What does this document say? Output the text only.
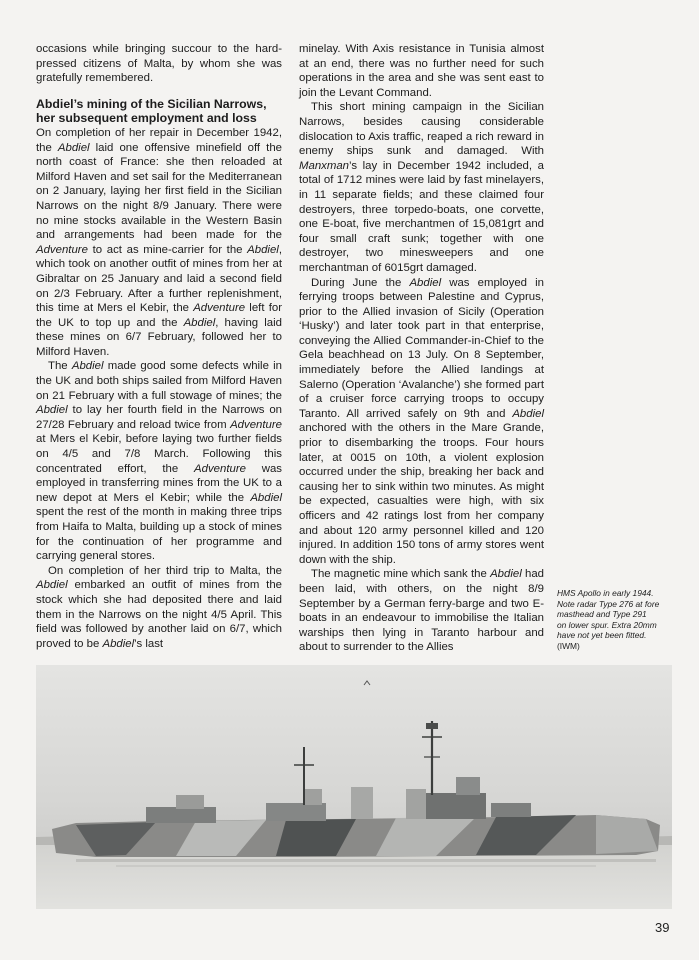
occasions while bringing succour to the hard-pressed citizens of Malta, by whom she was gratefully remembered.

Abdiel’s mining of the Sicilian Narrows, her subsequent employment and loss

On completion of her repair in December 1942, the Abdiel laid one offensive minefield off the north coast of France: she then reloaded at Milford Haven and set sail for the Mediterranean on 2 January, laying her first field in the Sicilian Narrows on the night 8/9 January. There were no mine stocks available in the Western Basin and arrangements had been made for the Adventure to act as mine-carrier for the Abdiel, which took on another outfit of mines from her at Gibraltar on 25 January and laid a second field on 2/3 February. After a further replenishment, this time at Mers el Kebir, the Adventure left for the UK to top up and the Abdiel, having laid these mines on 6/7 February, followed her to Milford Haven.

The Abdiel made good some defects while in the UK and both ships sailed from Milford Haven on 21 February with a full stowage of mines; the Abdiel to lay her fourth field in the Narrows on 27/28 February and reload twice from Adventure at Mers el Kebir, before laying two further fields on 4/5 and 7/8 March. Following this concentrated effort, the Adventure was employed in transferring mines from the UK to a new depot at Mers el Kebir; while the Abdiel spent the rest of the month in making three trips from Haifa to Malta, building up a stock of mines for the continuation of her programme and carrying general stores.

On completion of her third trip to Malta, the Abdiel embarked an outfit of mines from the stock which she had deposited there and laid them in the Narrows on the night 4/5 April. This field was followed by another laid on 6/7, which proved to be Abdiel’s last

minelay. With Axis resistance in Tunisia almost at an end, there was no further need for such operations in the area and she was sent east to join the Levant Command.

This short mining campaign in the Sicilian Narrows, besides causing considerable dislocation to Axis traffic, reaped a rich reward in enemy ships sunk and damaged. With Manxman’s lay in December 1942 included, a total of 1712 mines were laid by fast minelayers, in 11 separate fields; and these claimed four destroyers, three torpedo-boats, one corvette, one E-boat, five merchantmen of 15,081grt and four small craft sunk; together with one destroyer, two minesweepers and one merchantman of 6015grt damaged.

During June the Abdiel was employed in ferrying troops between Palestine and Cyprus, prior to the Allied invasion of Sicily (Operation ‘Husky’) and later took part in that enterprise, conveying the Allied Commander-in-Chief to the Gela beachhead on 13 July. On 8 September, immediately before the Allied landings at Salerno (Operation ‘Avalanche’) she formed part of a cruiser force carrying troops to occupy Taranto. All arrived safely on 9th and Abdiel anchored with the others in the Mare Grande, prior to disembarking the troops. Four hours later, at 0015 on 10th, a violent explosion occurred under the ship, breaking her back and causing her to sink within two minutes. As might be expected, casualties were high, with six officers and 42 ratings lost from her company and about 120 army personnel killed and 120 injured. In addition 150 tons of army stores went down with the ship.

The magnetic mine which sank the Abdiel had been laid, with others, on the night 8/9 September by a German ferry-barge and two E-boats in an endeavour to immobilise the Italian warships then lying in Taranto harbour and about to surrender to the Allies

HMS Apollo in early 1944.
Note radar Type 276 at fore
masthead and Type 291
on lower spur. Extra 20mm
have not yet been fitted.
(IWM)
39
